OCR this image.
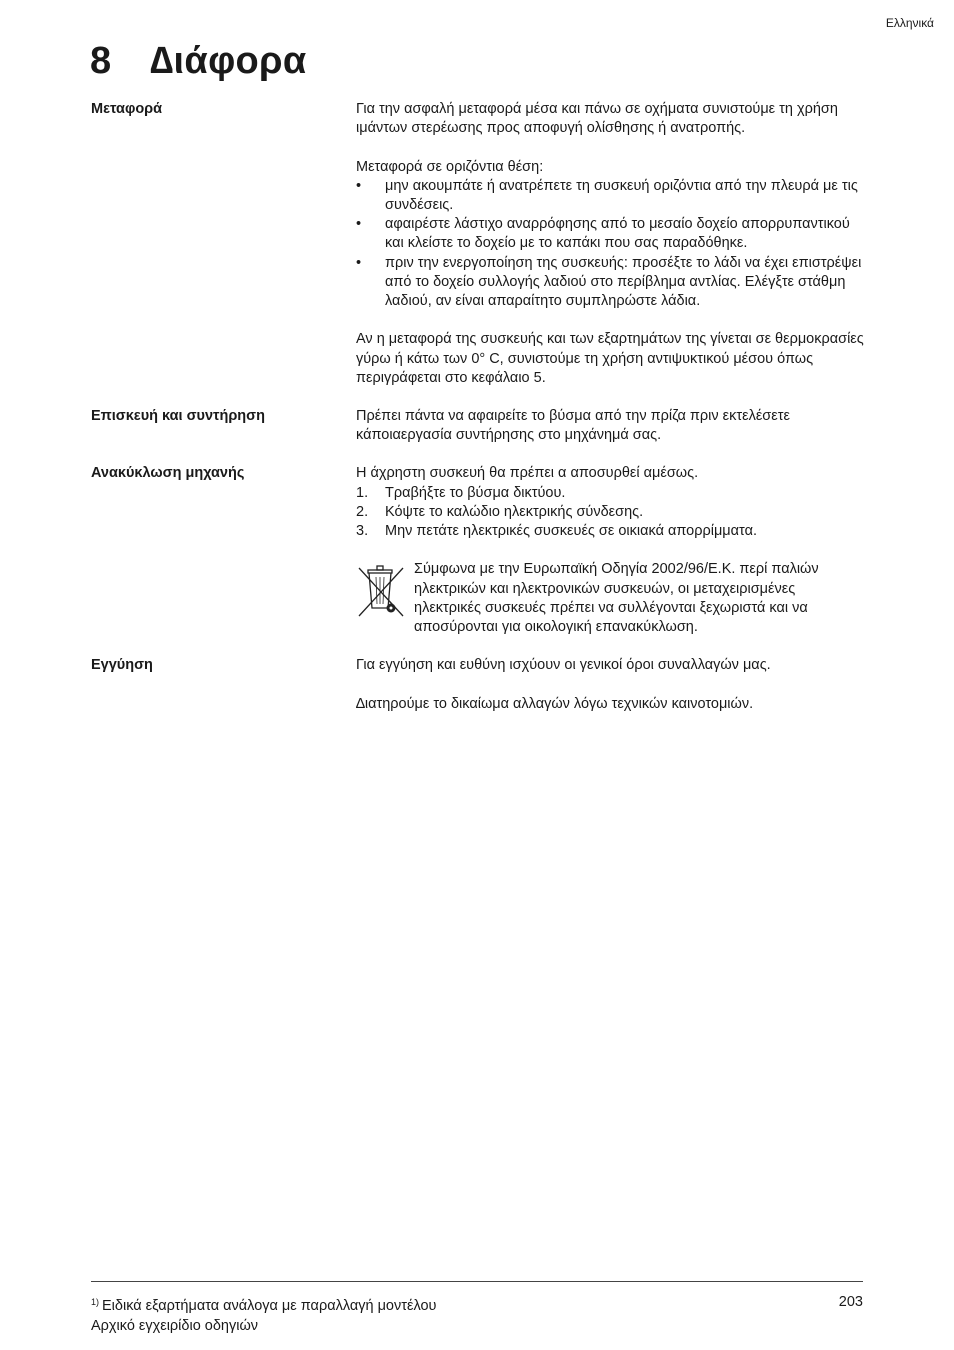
Ελληνικά
8 ∆ιάφορα
Μεταφορά	Για την ασφαλή μεταφορά μέσα και πάνω σε οχήματα συνιστούμε τη χρήση ιμάντων στερέωσης προς αποφυγή ολίσθησης ή ανατροπής.

Μεταφορά σε οριζόντια θέση:
•	μην ακουμπάτε ή ανατρέπετε τη συσκευή οριζόντια από την πλευρά με τις συνδέσεις.
•	αφαιρέστε λάστιχο αναρρόφησης από το μεσαίο δοχείο απορρυπαντικού και κλείστε το δοχείο με το καπάκι που σας παραδόθηκε.
•	πριν την ενεργοποίηση της συσκευής: προσέξτε το λάδι να έχει επιστρέψει από το δοχείο συλλογής λαδιού στο περίβλημα αντλίας. Ελέγξτε στάθμη λαδιού, αν είναι απαραίτητο συμπληρώστε λάδια.

Αν η μεταφορά της συσκευής και των εξαρτημάτων της γίνεται σε θερμοκρασίες γύρω ή κάτω των 0° C, συνιστούμε τη χρήση αντιψυκτικού μέσου όπως περιγράφεται στο κεφάλαιο 5.

Επισκευή και συντήρηση	Πρέπει πάντα να αφαιρείτε το βύσμα από την πρίζα πριν εκτελέσετε κάποιαεργασία συντήρησης στο μηχάνημά σας.

Ανακύκλωση μηχανής	Η άχρηστη συσκευή θα πρέπει α αποσυρθεί αμέσως.
1.	Τραβήξτε το βύσμα δικτύου.
2.	Κόψτε το καλώδιο ηλεκτρικής σύνδεσης.
3.	Μην πετάτε ηλεκτρικές συσκευές σε οικιακά απορρίμματα.

Σύμφωνα με την Ευρωπαϊκή Οδηγία 2002/96/Ε.Κ. περί παλιών ηλεκτρικών και ηλεκτρονικών συσκευών, οι μεταχειρισμένες ηλεκτρικές συσκευές πρέπει να συλλέγονται ξεχωριστά και να αποσύρονται για οικολογική επανακύκλωση.

Εγγύηση	Για εγγύηση και ευθύνη ισχύουν οι γενικοί όροι συναλλαγών μας.

∆ιατηρούμε το δικαίωμα αλλαγών λόγω τεχνικών καινοτομιών.

$^{1)}$ Ειδικά εξαρτήματα ανάλογα με παραλλαγή μοντέλου	203
Αρχικό εγχειρίδιο οδηγιών
